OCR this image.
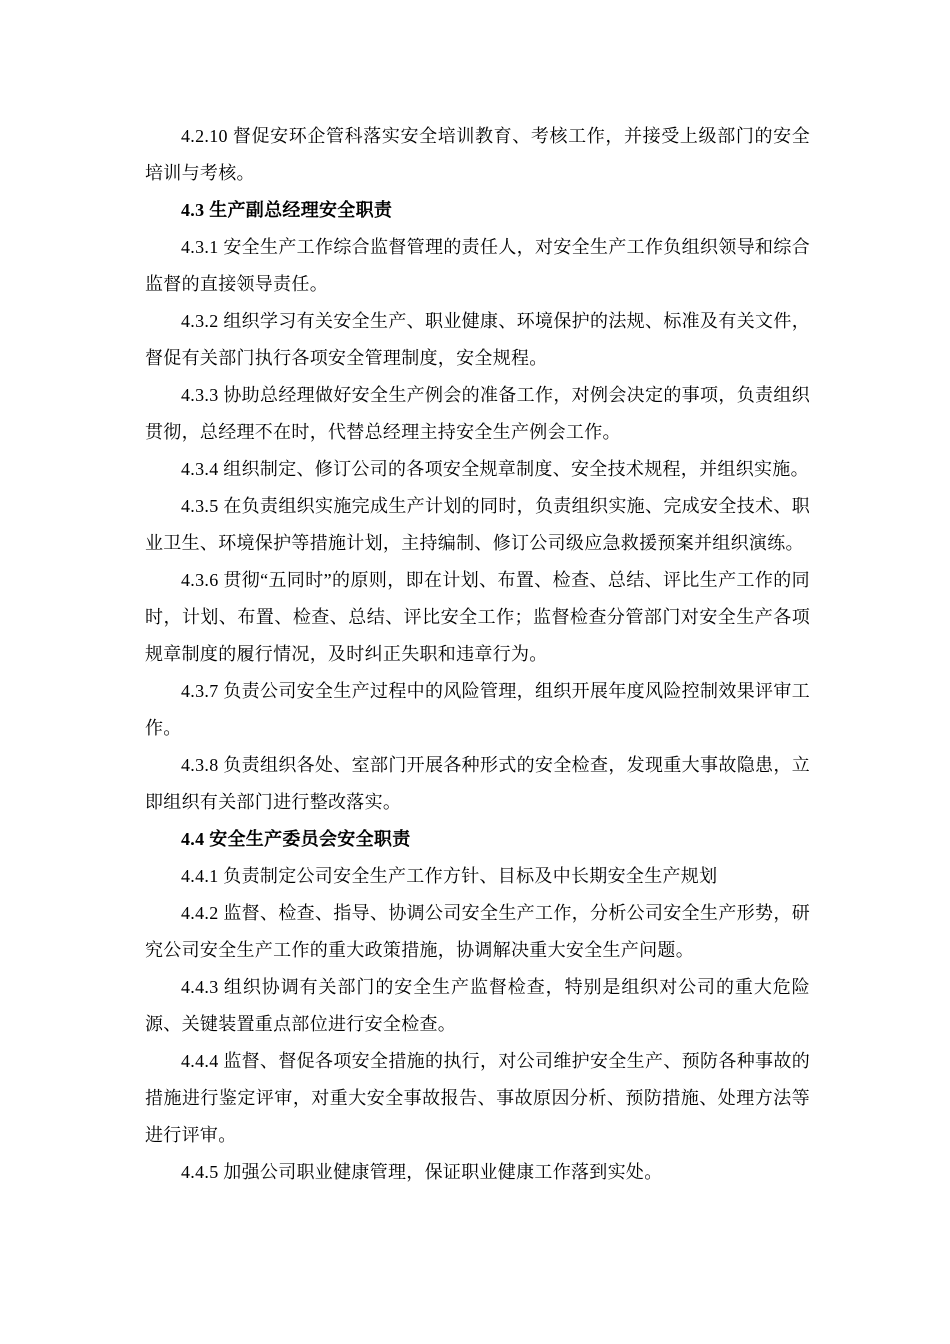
4.2.10 督促安环企管科落实安全培训教育、考核工作，并接受上级部门的安全培训与考核。

4.3 生产副总经理安全职责

4.3.1 安全生产工作综合监督管理的责任人，对安全生产工作负组织领导和综合监督的直接领导责任。

4.3.2 组织学习有关安全生产、职业健康、环境保护的法规、标准及有关文件，督促有关部门执行各项安全管理制度，安全规程。

4.3.3 协助总经理做好安全生产例会的准备工作，对例会决定的事项，负责组织贯彻，总经理不在时，代替总经理主持安全生产例会工作。

4.3.4 组织制定、修订公司的各项安全规章制度、安全技术规程，并组织实施。

4.3.5 在负责组织实施完成生产计划的同时，负责组织实施、完成安全技术、职业卫生、环境保护等措施计划，主持编制、修订公司级应急救援预案并组织演练。

4.3.6 贯彻“五同时”的原则，即在计划、布置、检查、总结、评比生产工作的同时，计划、布置、检查、总结、评比安全工作；监督检查分管部门对安全生产各项规章制度的履行情况，及时纠正失职和违章行为。

4.3.7 负责公司安全生产过程中的风险管理，组织开展年度风险控制效果评审工作。

4.3.8 负责组织各处、室部门开展各种形式的安全检查，发现重大事故隐患，立即组织有关部门进行整改落实。

4.4 安全生产委员会安全职责

4.4.1 负责制定公司安全生产工作方针、目标及中长期安全生产规划

4.4.2 监督、检查、指导、协调公司安全生产工作，分析公司安全生产形势，研究公司安全生产工作的重大政策措施，协调解决重大安全生产问题。

4.4.3 组织协调有关部门的安全生产监督检查，特别是组织对公司的重大危险源、关键装置重点部位进行安全检查。

4.4.4 监督、督促各项安全措施的执行，对公司维护安全生产、预防各种事故的措施进行鉴定评审，对重大安全事故报告、事故原因分析、预防措施、处理方法等进行评审。

4.4.5 加强公司职业健康管理，保证职业健康工作落到实处。
